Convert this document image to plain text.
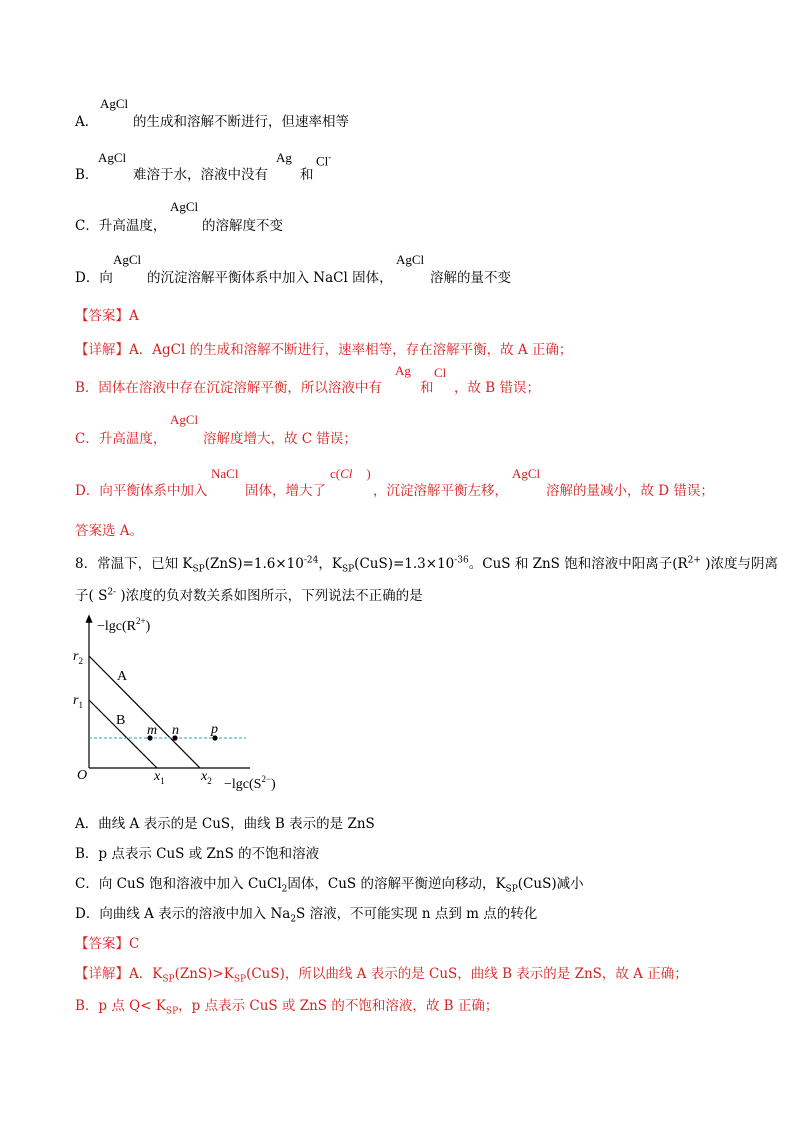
A．
AgCl
的生成和溶解不断进行，但速率相等
B．
AgCl
难溶于水，溶液中没有
Ag
和
Cl-
C．升高温度，
AgCl
的溶解度不变
D．向
AgCl
的沉淀溶解平衡体系中加入 NaCl 固体，
AgCl
溶解的量不变
【答案】A
【详解】A．AgCl 的生成和溶解不断进行，速率相等，存在溶解平衡，故 A 正确；
B．固体在溶液中存在沉淀溶解平衡，所以溶液中有
Ag
和
Cl
，故 B 错误；
C．升高温度，
AgCl
溶解度增大，故 C 错误；
D．向平衡体系中加入
NaCl
固体，增大了
c(Cl )
，沉淀溶解平衡左移，
AgCl
溶解的量减小，故 D 错误；
答案选 A。
8．常温下，已知 $K_{SP}(ZnS)=1.6\times 10^{-24}$，$K_{SP}(CuS)=1.3\times 10^{-36}$。CuS 和 ZnS 饱和溶液中阳离子($R^{2+}$ )浓度与阴离
子( $S^{2-}$ )浓度的负对数关系如图所示，下列说法不正确的是
$-\lg c(R^{2+})$
$-\lg c(S^{2-})$
O
$r_2$
$r_1$
$x_1$	$x_2$
A
B
m n p
A．曲线 A 表示的是 CuS，曲线 B 表示的是 ZnS
B．p 点表示 CuS 或 ZnS 的不饱和溶液
C．向 CuS 饱和溶液中加入 CuCl$_2$固体，CuS 的溶解平衡逆向移动，$K_{SP}(CuS)$减小
D．向曲线 A 表示的溶液中加入 $Na_2S$ 溶液，不可能实现 n 点到 m 点的转化
【答案】C
【详解】A．$K_{SP}(ZnS)>K_{SP}(CuS)$，所以曲线 A 表示的是 CuS，曲线 B 表示的是 ZnS，故 A 正确；
B．p 点 $Q< K_{SP}$，p 点表示 CuS 或 ZnS 的不饱和溶液，故 B 正确；
